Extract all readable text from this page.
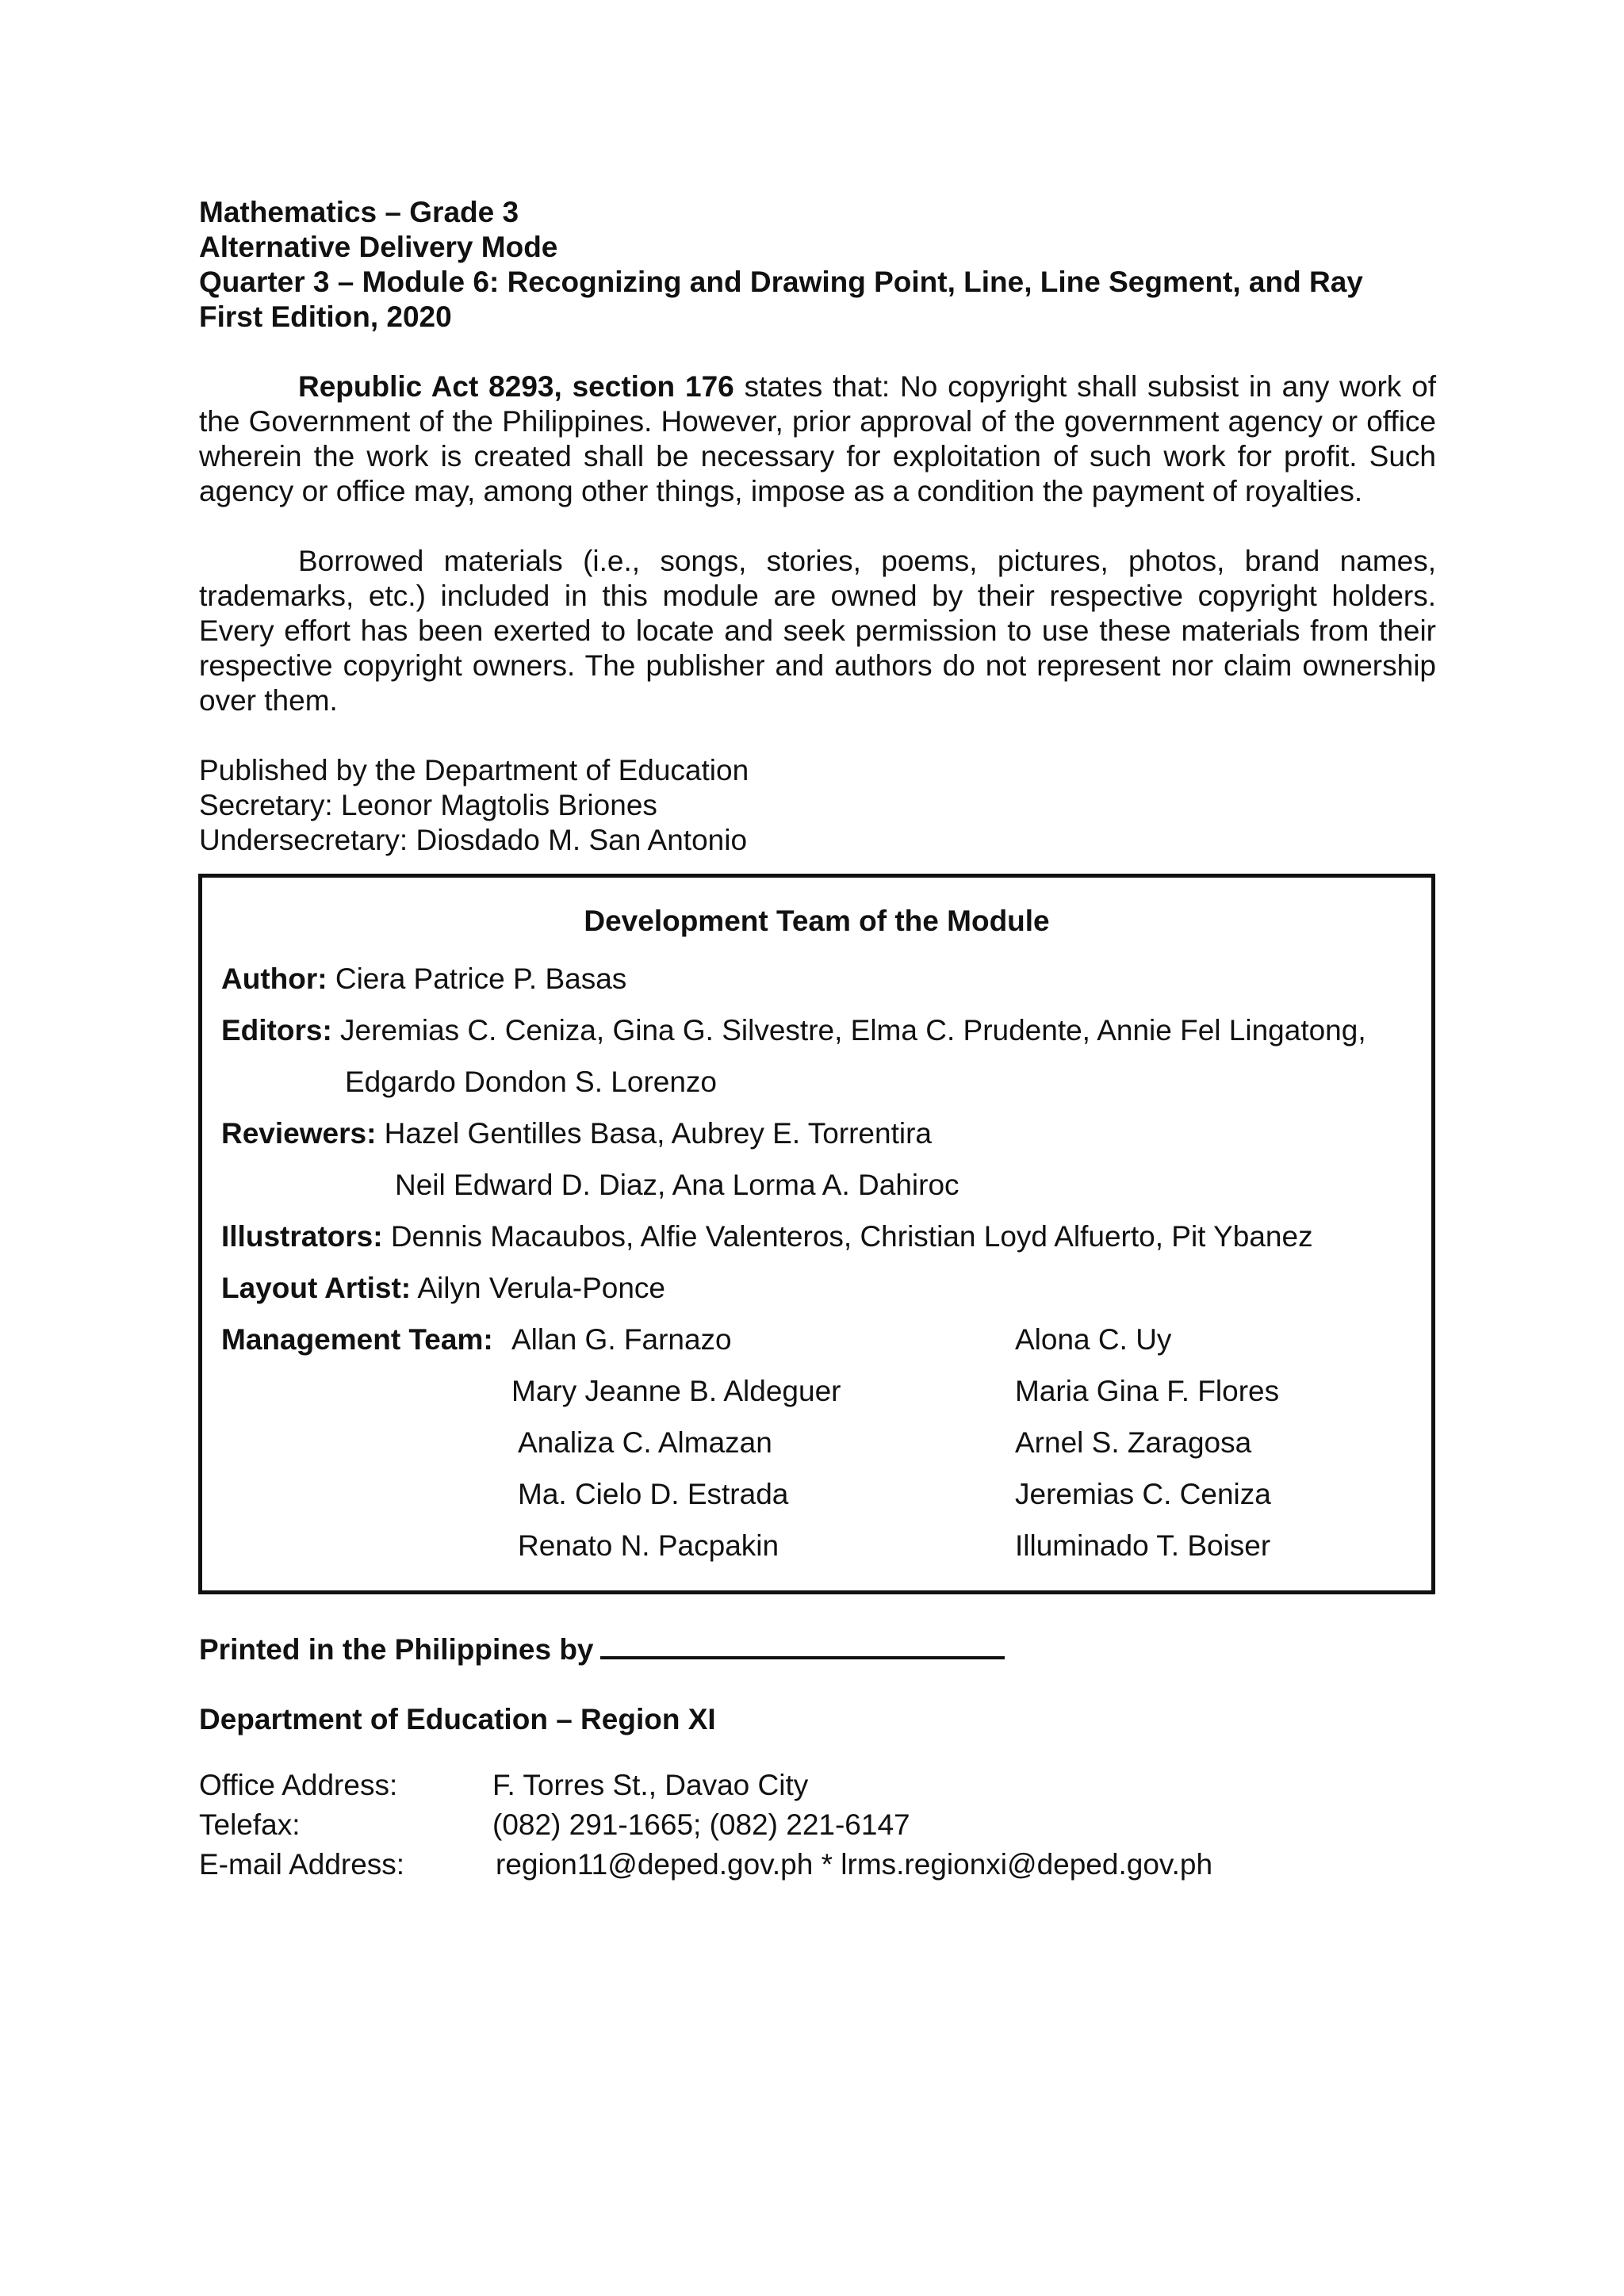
Mathematics – Grade 3
Alternative Delivery Mode
Quarter 3 – Module 6: Recognizing and Drawing Point, Line, Line Segment, and Ray
First Edition, 2020

Republic Act 8293, section 176 states that: No copyright shall subsist in any work of the Government of the Philippines. However, prior approval of the government agency or office wherein the work is created shall be necessary for exploitation of such work for profit. Such agency or office may, among other things, impose as a condition the payment of royalties.

Borrowed materials (i.e., songs, stories, poems, pictures, photos, brand names, trademarks, etc.) included in this module are owned by their respective copyright holders. Every effort has been exerted to locate and seek permission to use these materials from their respective copyright owners. The publisher and authors do not represent nor claim ownership over them.

Published by the Department of Education
Secretary: Leonor Magtolis Briones
Undersecretary: Diosdado M. San Antonio
Development Team of the Module
Author: Ciera Patrice P. Basas
Editors: Jeremias C. Ceniza, Gina G. Silvestre, Elma C. Prudente, Annie Fel Lingatong,
Edgardo Dondon S. Lorenzo
Reviewers: Hazel Gentilles Basa, Aubrey E. Torrentira
Neil Edward D. Diaz, Ana Lorma A. Dahiroc
Illustrators: Dennis Macaubos, Alfie Valenteros, Christian Loyd Alfuerto, Pit Ybanez
Layout Artist: Ailyn Verula-Ponce
Management Team: Allan G. Farnazo	Alona C. Uy
Mary Jeanne B. Aldeguer	Maria Gina F. Flores
Analiza C. Almazan	Arnel S. Zaragosa
Ma. Cielo D. Estrada	Jeremias C. Ceniza
Renato N. Pacpakin	Illuminado T. Boiser
Printed in the Philippines by
Department of Education – Region XI
Office Address:	F. Torres St., Davao City
Telefax:	(082) 291-1665; (082) 221-6147
E-mail Address:	region11@deped.gov.ph * lrms.regionxi@deped.gov.ph
